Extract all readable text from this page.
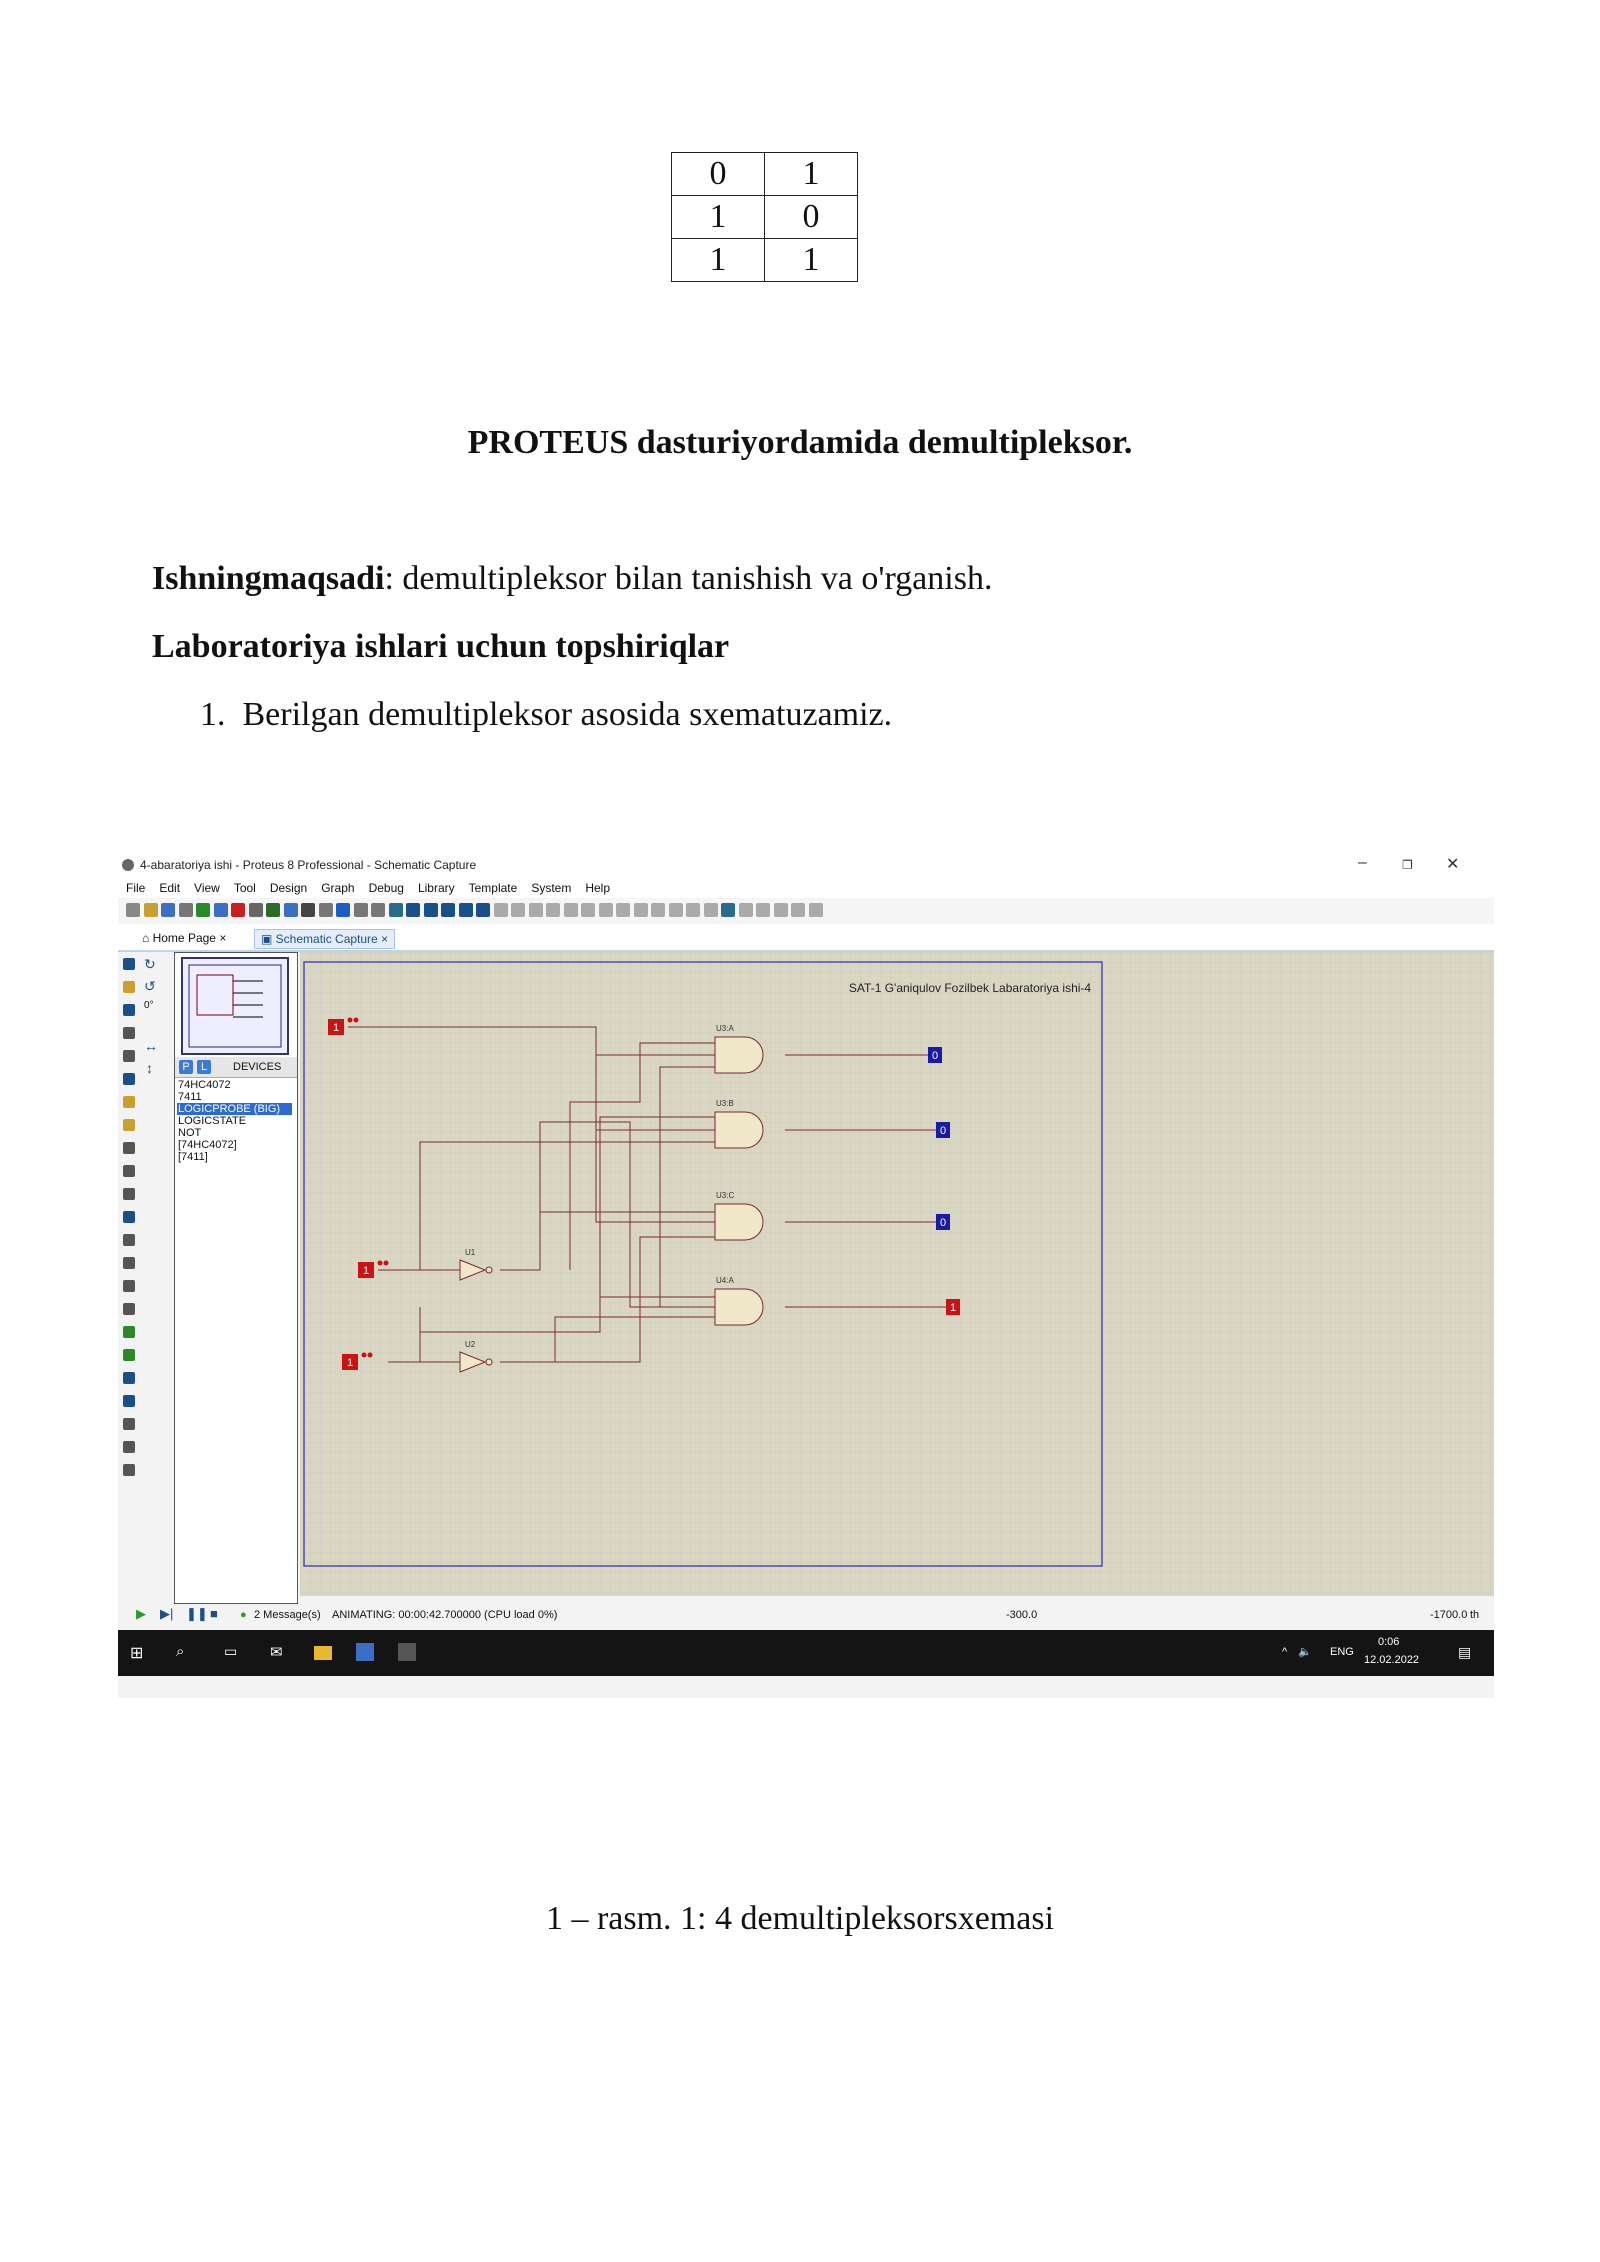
0	1
1	0
1	1
PROTEUS dasturiyordamida demultipleksor.
Ishningmaqsadi: demultipleksor bilan tanishish va o'rganish.
Laboratoriya ishlari uchun topshiriqlar
1. Berilgan demultipleksor asosida sxematuzamiz.
4-abaratoriya ishi - Proteus 8 Professional - Schematic Capture	–	❐ ✕
File Edit View Tool Design Graph Debug Library Template System Help
⌂ Home Page ×	▣ Schematic Capture ×
↻
↺
0°
↔
↕	P	L	DEVICES
74HC4072
7411
LOGICPROBE (BIG)
LOGICSTATE
NOT
[74HC4072]
[7411]
SAT-1 G'aniqulov Fozilbek Labaratoriya ishi-4
U3:A
U3:B
U3:C
U4:A
U1
U2
1
1
1
0
0
0
1
▶ ▶| ❚❚ ■ ● 2 Message(s) ANIMATING: 00:00:42.700000 (CPU load 0%)	-300.0	-1700.0 th
⊞	⌕	▭	✉	^ 🔈 ENG
0:06
12.02.2022	▤
1 – rasm. 1: 4 demultipleksorsxemasi
